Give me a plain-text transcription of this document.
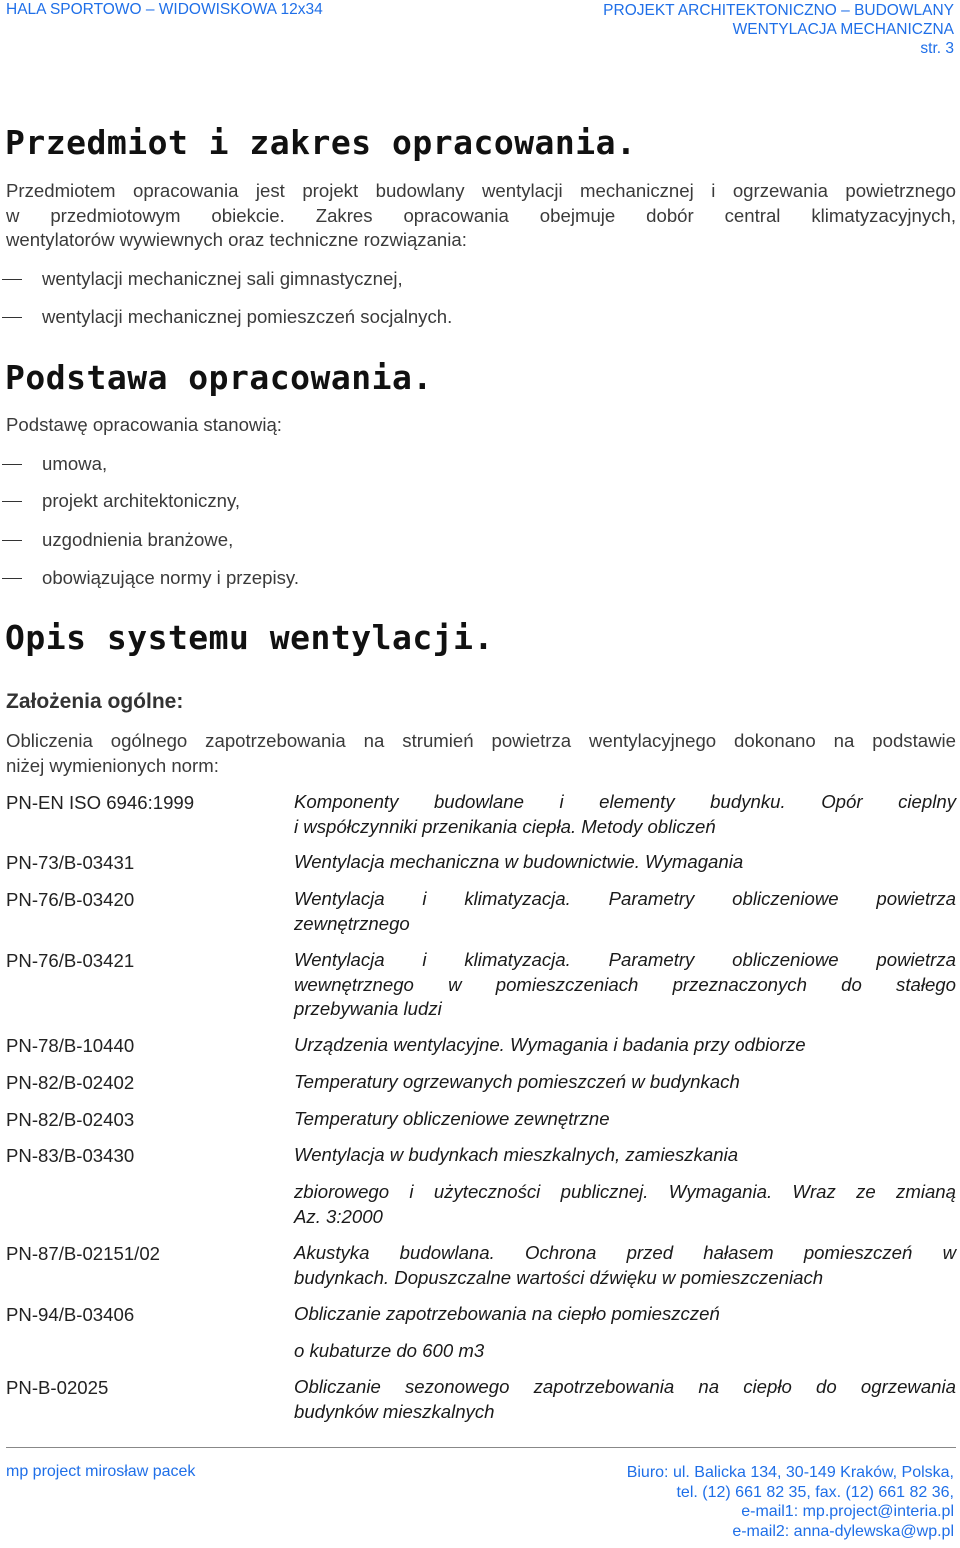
HALA SPORTOWO – WIDOWISKOWA 12x34	PROJEKT ARCHITEKTONICZNO – BUDOWLANY
WENTYLACJA MECHANICZNA
str. 3
Przedmiot i zakres opracowania.
Przedmiotem opracowania jest projekt budowlany wentylacji mechanicznej i ogrzewania powietrznego
w przedmiotowym obiekcie. Zakres opracowania obejmuje dobór central klimatyzacyjnych,
wentylatorów wywiewnych oraz techniczne rozwiązania:
wentylacji mechanicznej sali gimnastycznej,
wentylacji mechanicznej pomieszczeń socjalnych.
Podstawa opracowania.
Podstawę opracowania stanowią:
umowa,
projekt architektoniczny,
uzgodnienia branżowe,
obowiązujące normy i przepisy.
Opis systemu wentylacji.
Założenia ogólne:
Obliczenia ogólnego zapotrzebowania na strumień powietrza wentylacyjnego dokonano na podstawie
niżej wymienionych norm:
PN-EN ISO 6946:1999	Komponenty budowlane i elementy budynku. Opór cieplny
i współczynniki przenikania ciepła. Metody obliczeń
PN-73/B-03431	Wentylacja mechaniczna w budownictwie. Wymagania
PN-76/B-03420	Wentylacja i klimatyzacja. Parametry obliczeniowe powietrza
zewnętrznego
PN-76/B-03421	Wentylacja i klimatyzacja. Parametry obliczeniowe powietrza
wewnętrznego w pomieszczeniach przeznaczonych do stałego
przebywania ludzi
PN-78/B-10440	Urządzenia wentylacyjne. Wymagania i badania przy odbiorze
PN-82/B-02402	Temperatury ogrzewanych pomieszczeń w budynkach
PN-82/B-02403	Temperatury obliczeniowe zewnętrzne
PN-83/B-03430	Wentylacja w budynkach mieszkalnych, zamieszkania
zbiorowego i użyteczności publicznej. Wymagania. Wraz ze zmianą
Az. 3:2000
PN-87/B-02151/02	Akustyka budowlana. Ochrona przed hałasem pomieszczeń w
budynkach. Dopuszczalne wartości dźwięku w pomieszczeniach
PN-94/B-03406	Obliczanie zapotrzebowania na ciepło pomieszczeń
o kubaturze do 600 m3
PN-B-02025	Obliczanie sezonowego zapotrzebowania na ciepło do ogrzewania
budynków mieszkalnych
mp project mirosław pacek	Biuro: ul. Balicka 134, 30-149 Kraków, Polska,
tel. (12) 661 82 35, fax. (12) 661 82 36,
e-mail1: mp.project@interia.pl
e-mail2: anna-dylewska@wp.pl
